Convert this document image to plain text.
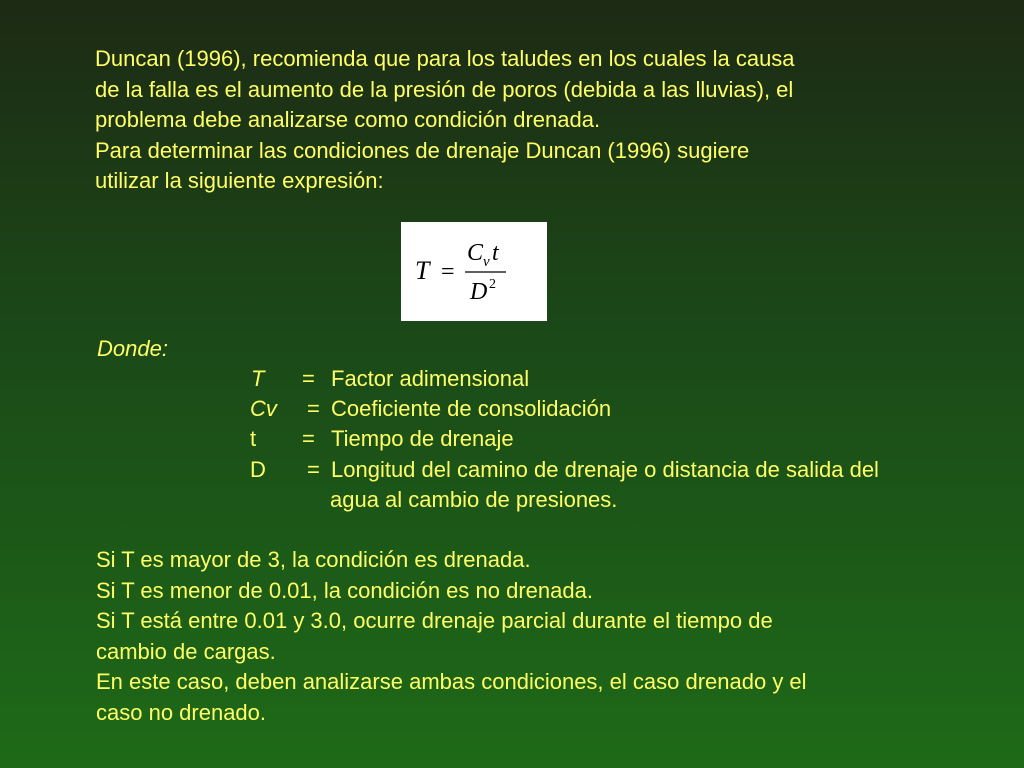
Duncan (1996), recomienda que para los taludes en los cuales la causa

de la falla es el aumento de la presión de poros (debida a las lluvias), el

problema debe analizarse como condición drenada.

Para determinar las condiciones de drenaje Duncan (1996) sugiere

utilizar la siguiente expresión:

T =
C v t
D 2
Donde:
T = Factor adimensional
Cv = Coeficiente de consolidación
t = Tiempo de drenaje
D = Longitud del camino de drenaje o distancia de salida del
agua al cambio de presiones.

Si T es mayor de 3, la condición es drenada.

Si T es menor de 0.01, la condición es no drenada.

Si T está entre 0.01 y 3.0, ocurre drenaje parcial durante el tiempo de

cambio de cargas.

En este caso, deben analizarse ambas condiciones, el caso drenado y el

caso no drenado.
